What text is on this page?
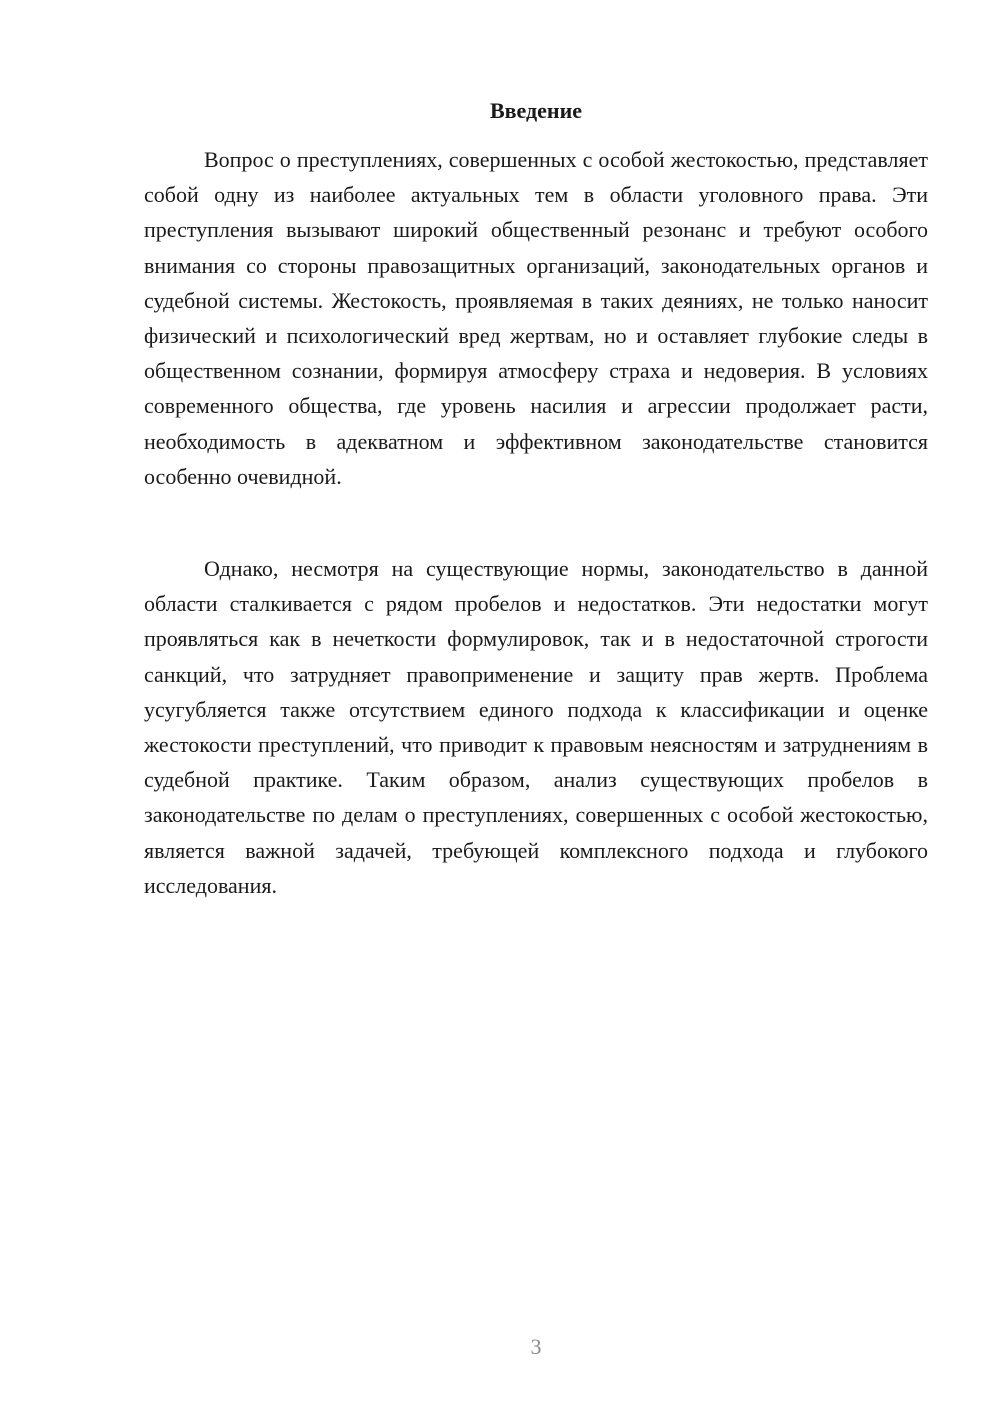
Введение

Вопрос о преступлениях, совершенных с особой жестокостью, представляет собой одну из наиболее актуальных тем в области уголовного права. Эти преступления вызывают широкий общественный резонанс и требуют особого внимания со стороны правозащитных организаций, законодательных органов и судебной системы. Жестокость, проявляемая в таких деяниях, не только наносит физический и психологический вред жертвам, но и оставляет глубокие следы в общественном сознании, формируя атмосферу страха и недоверия. В условиях современного общества, где уровень насилия и агрессии продолжает расти, необходимость в адекватном и эффективном законодательстве становится особенно очевидной.

Однако, несмотря на существующие нормы, законодательство в данной области сталкивается с рядом пробелов и недостатков. Эти недостатки могут проявляться как в нечеткости формулировок, так и в недостаточной строгости санкций, что затрудняет правоприменение и защиту прав жертв. Проблема усугубляется также отсутствием единого подхода к классификации и оценке жестокости преступлений, что приводит к правовым неясностям и затруднениям в судебной практике. Таким образом, анализ существующих пробелов в законодательстве по делам о преступлениях, совершенных с особой жестокостью, является важной задачей, требующей комплексного подхода и глубокого исследования.

3
